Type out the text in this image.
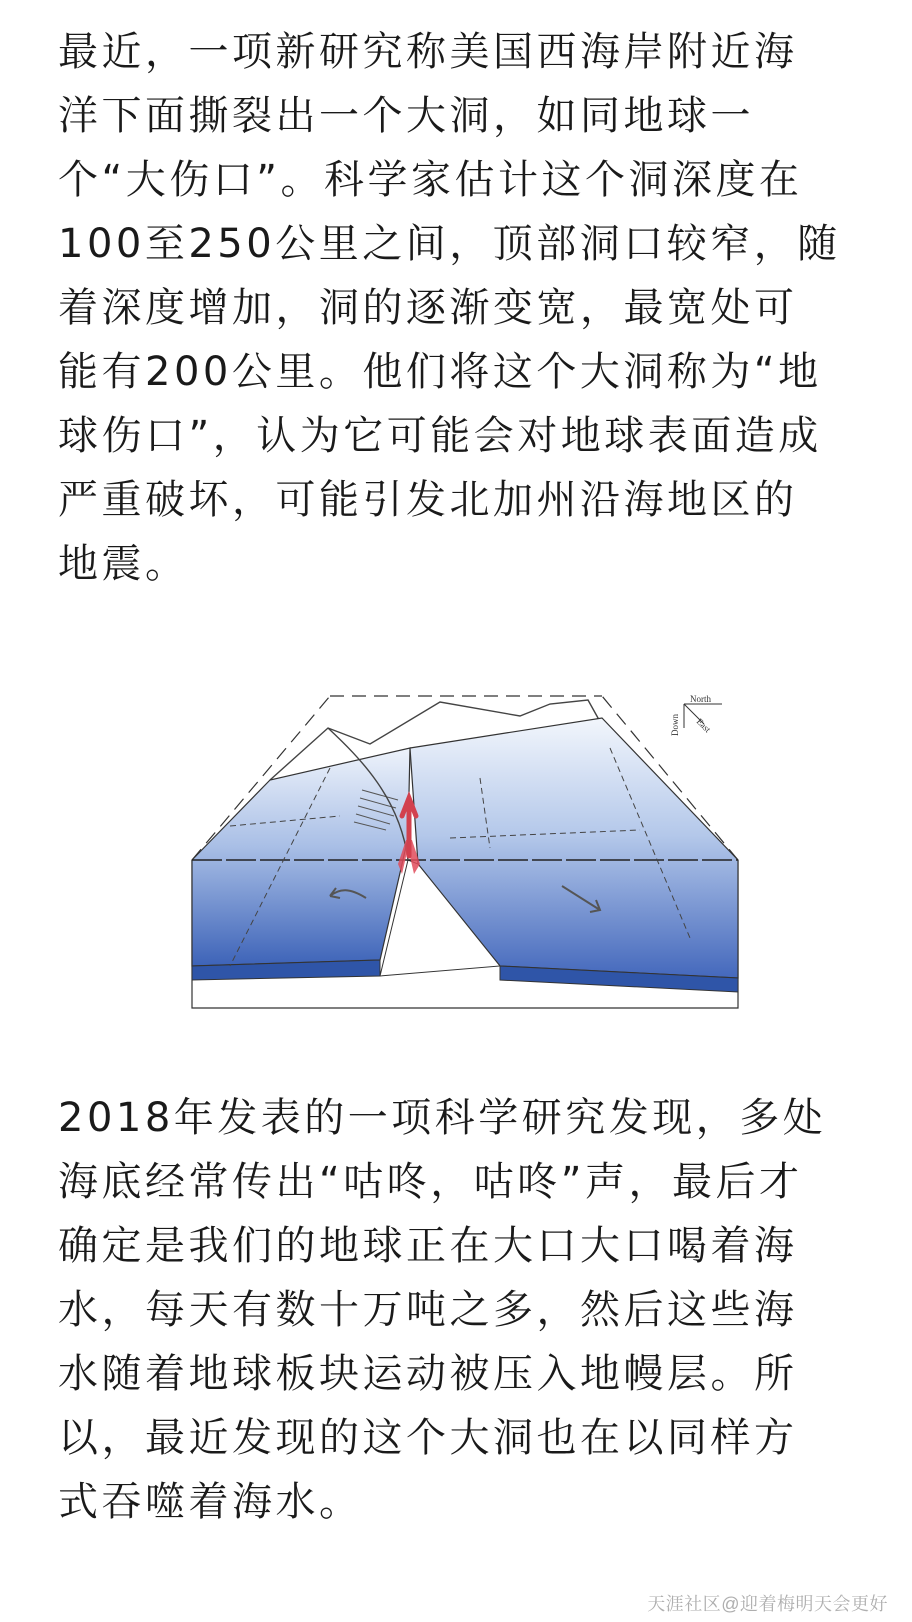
最近，一项新研究称美国西海岸附近海
洋下面撕裂出一个大洞，如同地球一
个“大伤口”。科学家估计这个洞深度在
100至250公里之间，顶部洞口较窄，随
着深度增加，洞的逐渐变宽，最宽处可
能有200公里。他们将这个大洞称为“地
球伤口”，认为它可能会对地球表面造成
严重破坏，可能引发北加州沿海地区的
地震。

North
East
Down

2018年发表的一项科学研究发现，多处
海底经常传出“咕咚，咕咚”声，最后才
确定是我们的地球正在大口大口喝着海
水，每天有数十万吨之多，然后这些海
水随着地球板块运动被压入地幔层。所
以，最近发现的这个大洞也在以同样方
式吞噬着海水。

天涯社区@迎着梅明天会更好
